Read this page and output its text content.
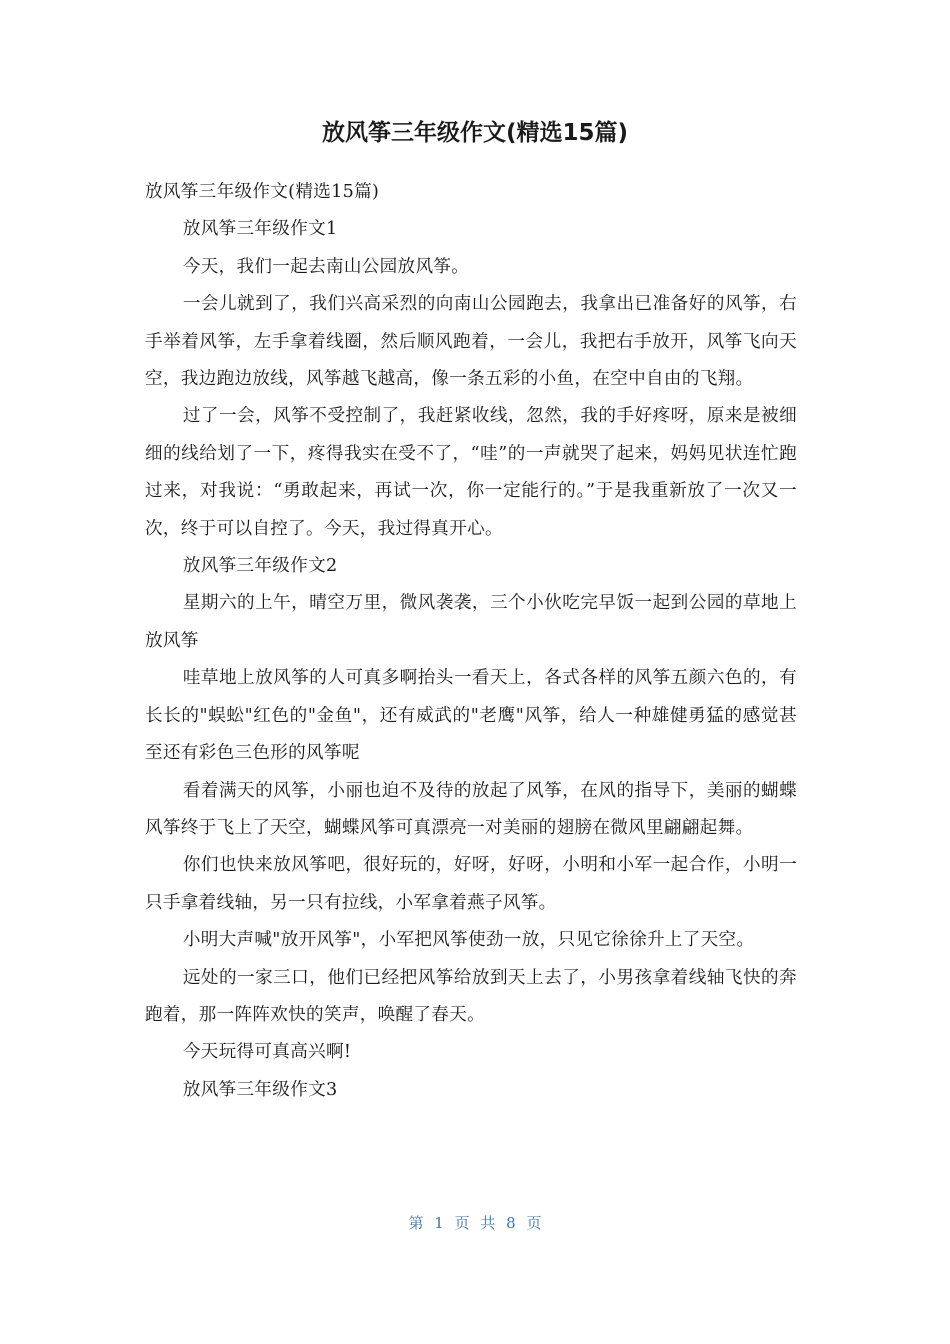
放风筝三年级作文(精选15篇)

放风筝三年级作文(精选15篇)

放风筝三年级作文1

今天，我们一起去南山公园放风筝。

一会儿就到了，我们兴高采烈的向南山公园跑去，我拿出已准备好的风筝，右手举着风筝，左手拿着线圈，然后顺风跑着，一会儿，我把右手放开，风筝飞向天空，我边跑边放线，风筝越飞越高，像一条五彩的小鱼，在空中自由的飞翔。

过了一会，风筝不受控制了，我赶紧收线，忽然，我的手好疼呀，原来是被细细的线给划了一下，疼得我实在受不了，“哇”的一声就哭了起来，妈妈见状连忙跑过来，对我说：“勇敢起来，再试一次，你一定能行的。”于是我重新放了一次又一次，终于可以自控了。今天，我过得真开心。

放风筝三年级作文2

星期六的上午，晴空万里，微风袭袭，三个小伙吃完早饭一起到公园的草地上放风筝

哇草地上放风筝的人可真多啊抬头一看天上，各式各样的风筝五颜六色的，有长长的"蜈蚣"红色的"金鱼"，还有威武的"老鹰"风筝，给人一种雄健勇猛的感觉甚至还有彩色三色形的风筝呢

看着满天的风筝，小丽也迫不及待的放起了风筝，在风的指导下，美丽的蝴蝶风筝终于飞上了天空，蝴蝶风筝可真漂亮一对美丽的翅膀在微风里翩翩起舞。

你们也快来放风筝吧，很好玩的，好呀，好呀，小明和小军一起合作，小明一只手拿着线轴，另一只有拉线，小军拿着燕子风筝。

小明大声喊"放开风筝"，小军把风筝使劲一放，只见它徐徐升上了天空。

远处的一家三口，他们已经把风筝给放到天上去了，小男孩拿着线轴飞快的奔跑着，那一阵阵欢快的笑声，唤醒了春天。

今天玩得可真高兴啊!

放风筝三年级作文3

第 1 页 共 8 页
